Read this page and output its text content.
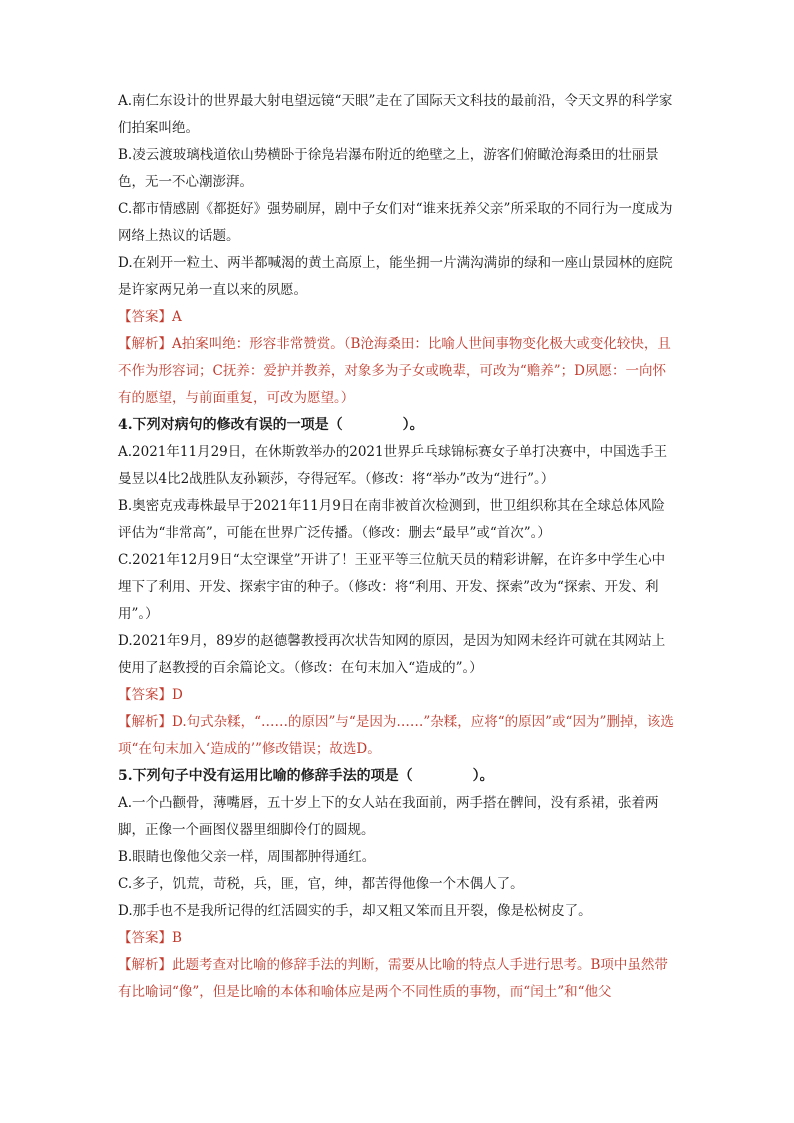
A.南仁东设计的世界最大射电望远镜“天眼”走在了国际天文科技的最前沿，令天文界的科学家们拍案叫绝。

B.凌云渡玻璃栈道依山势横卧于徐凫岩瀑布附近的绝壁之上，游客们俯瞰沧海桑田的壮丽景色，无一不心潮澎湃。

C.都市情感剧《都挺好》强势刷屏，剧中子女们对“谁来抚养父亲”所采取的不同行为一度成为网络上热议的话题。

D.在剁开一粒土、两半都喊渴的黄土高原上，能坐拥一片满沟满峁的绿和一座山景园林的庭院是许家两兄弟一直以来的夙愿。

【答案】A

【解析】A拍案叫绝：形容非常赞赏。（B沧海桑田：比喻人世间事物变化极大或变化较快，且不作为形容词；C抚养：爱护并教养，对象多为子女或晚辈，可改为“赡养”；D夙愿：一向怀有的愿望，与前面重复，可改为愿望。）

4.下列对病句的修改有误的一项是（	）。

A.2021年11月29日，在休斯敦举办的2021世界乒乓球锦标赛女子单打决赛中，中国选手王曼昱以4比2战胜队友孙颖莎，夺得冠军。（修改：将“举办”改为“进行”。）

B.奥密克戎毒株最早于2021年11月9日在南非被首次检测到，世卫组织称其在全球总体风险评估为“非常高”，可能在世界广泛传播。（修改：删去“最早”或“首次”。）

C.2021年12月9日“太空课堂”开讲了！王亚平等三位航天员的精彩讲解，在许多中学生心中埋下了利用、开发、探索宇宙的种子。（修改：将“利用、开发、探索”改为“探索、开发、利用”。）

D.2021年9月，89岁的赵德馨教授再次状告知网的原因，是因为知网未经许可就在其网站上使用了赵教授的百余篇论文。（修改：在句末加入“造成的”。）

【答案】D

【解析】D.句式杂糅，“……的原因”与“是因为……”杂糅，应将“的原因”或“因为”删掉，该选项“在句末加入‘造成的’”修改错误；故选D。

5.下列句子中没有运用比喻的修辞手法的项是（	）。

A.一个凸颧骨，薄嘴唇，五十岁上下的女人站在我面前，两手搭在髀间，没有系裙，张着两脚，正像一个画图仪器里细脚伶仃的圆规。

B.眼睛也像他父亲一样，周围都肿得通红。

C.多子，饥荒，苛税，兵，匪，官，绅，都苦得他像一个木偶人了。

D.那手也不是我所记得的红活圆实的手，却又粗又笨而且开裂，像是松树皮了。

【答案】B

【解析】此题考查对比喻的修辞手法的判断，需要从比喻的特点人手进行思考。B项中虽然带有比喻词“像”，但是比喻的本体和喻体应是两个不同性质的事物，而“闰土”和“他父
